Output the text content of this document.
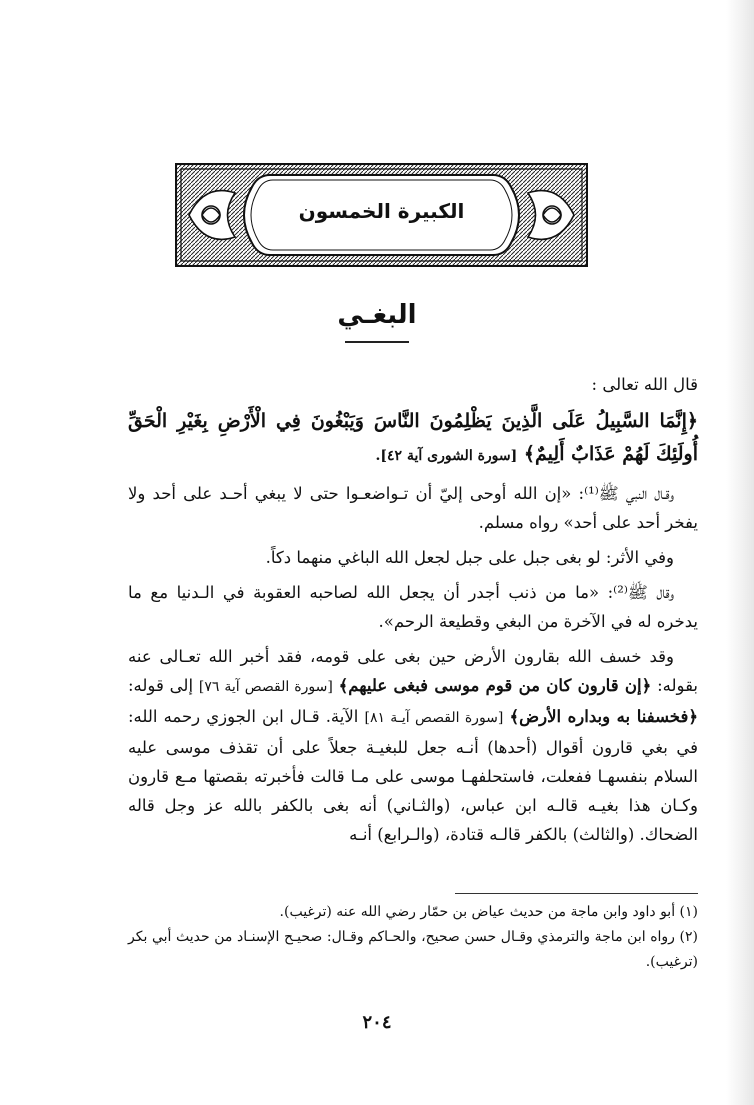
الكبيرة الخمسون
البغـي

قال الله تعالى :

﴿إِنَّمَا السَّبِيلُ عَلَى الَّذِينَ يَظْلِمُونَ النَّاسَ وَيَبْغُونَ فِي الْأَرْضِ بِغَيْرِ الْحَقِّ أُولَئِكَ لَهُمْ عَذَابٌ أَلِيمٌ﴾ [سورة الشورى آية ٤٢].

وقـال النبي ﷺ⁽¹⁾: «إن الله أوحى إليّ أن تـواضعـوا حتى لا يبغي أحـد على أحد ولا يفخر أحد على أحد» رواه مسلم.

وفي الأثر: لو بغى جبل على جبل لجعل الله الباغي منهما دكاً.

وقال ﷺ⁽²⁾: «ما من ذنب أجدر أن يجعل الله لصاحبه العقوبة في الـدنيا مع ما يدخره له في الآخرة من البغي وقطيعة الرحم».

وقد خسف الله بقارون الأرض حين بغى على قومه، فقد أخبر الله تعـالى عنه بقوله: ﴿إن قارون كان من قوم موسى فبغى عليهم﴾ [سورة القصص آية ٧٦] إلى قوله: ﴿فخسفنا به وبداره الأرض﴾ [سورة القصص آيـة ٨١] الآية. قـال ابن الجوزي رحمه الله: في بغي قارون أقوال (أحدها) أنـه جعل للبغيـة جعلاً على أن تقذف موسى عليه السلام بنفسهـا ففعلت، فاستحلفهـا موسى على مـا قالت فأخبرته بقصتها مـع قارون وكـان هذا بغيـه قالـه ابن عباس، (والثـاني) أنه بغى بالكفر بالله عز وجل قاله الضحاك. (والثالث) بالكفر قالـه قتادة، (والـرابع) أنـه

(١) أبو داود وابن ماجة من حديث عياض بن حمّار رضي الله عنه (ترغيب).

(٢) رواه ابن ماجة والترمذي وقـال حسن صحيح، والحـاكم وقـال: صحيـح الإسنـاد من حديث أبي بكر (ترغيب).

٢٠٤
